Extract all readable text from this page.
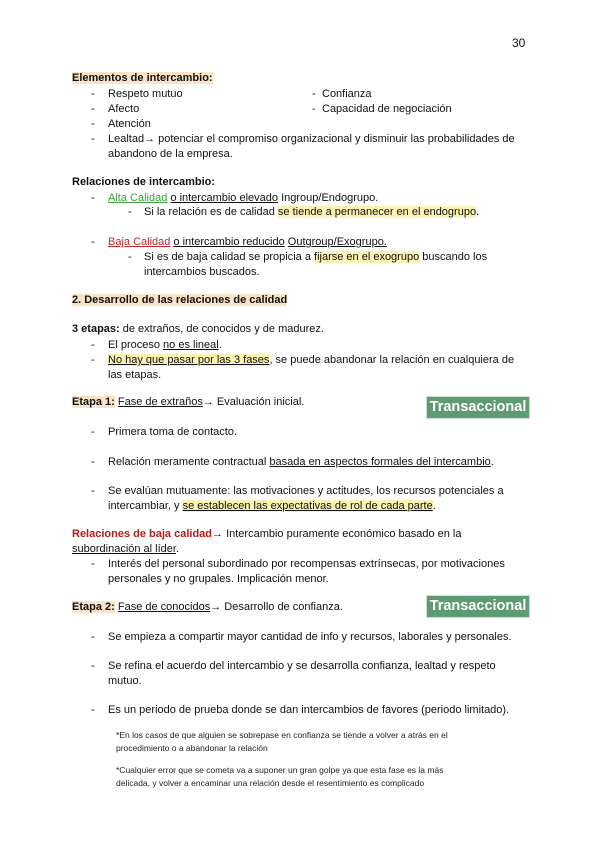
30
Elementos de intercambio:
- Respeto mutuo
- Afecto
- Atención
- Confianza
- Capacidad de negociación
- Lealtad→ potenciar el compromiso organizacional y disminuir las probabilidades de
abandono de la empresa.
Relaciones de intercambio:
- Alta Calidad o intercambio elevado Ingroup/Endogrupo.
- Si la relación es de calidad se tiende a permanecer en el endogrupo.
- Baja Calidad o intercambio reducido Outgroup/Exogrupo.
- Si es de baja calidad se propicia a fijarse en el exogrupo buscando los
intercambios buscados.
2. Desarrollo de las relaciones de calidad
3 etapas: de extraños, de conocidos y de madurez.
- El proceso no es lineal.
- No hay que pasar por las 3 fases, se puede abandonar la relación en cualquiera de
las etapas.
Etapa 1: Fase de extraños→ Evaluación inicial.	Transaccional
- Primera toma de contacto.
- Relación meramente contractual basada en aspectos formales del intercambio.
- Se evalúan mutuamente: las motivaciones y actitudes, los recursos potenciales a
intercambiar, y se establecen las expectativas de rol de cada parte.
Relaciones de baja calidad→ Intercambio puramente económico basado en la
subordinación al líder.
- Interés del personal subordinado por recompensas extrínsecas, por motivaciones
personales y no grupales. Implicación menor.
Etapa 2: Fase de conocidos→ Desarrollo de confianza.	Transaccional
- Se empieza a compartir mayor cantidad de info y recursos, laborales y personales.
- Se refina el acuerdo del intercambio y se desarrolla confianza, lealtad y respeto
mutuo.
- Es un periodo de prueba donde se dan intercambios de favores (periodo limitado).
*En los casos de que alguien se sobrepase en confianza se tiende a volver a atrás en el
procedimiento o a abandonar la relación
*Cualquier error que se cometa va a suponer un gran golpe ya que esta fase es la más
delicada, y volver a encaminar una relación desde el resentimiento es complicado
